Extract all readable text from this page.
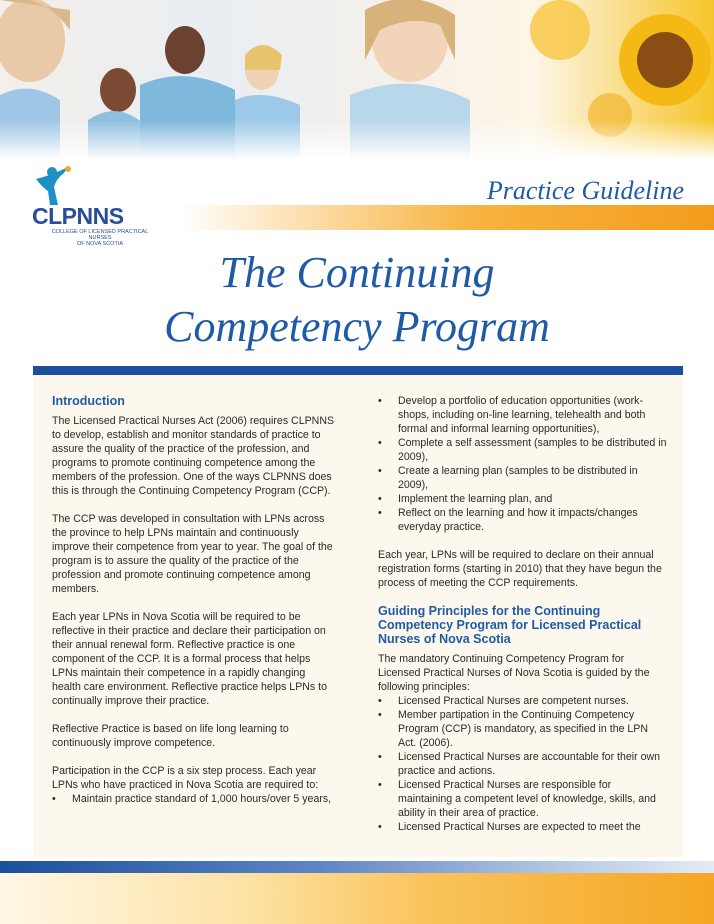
CLPNNS
COLLEGE OF LICENSED PRACTICAL NURSES
OF NOVA SCOTIA
Practice Guideline
The Continuing
Competency Program
Introduction

The Licensed Practical Nurses Act (2006) requires CLPNNS to develop, establish and monitor standards of practice to assure the quality of the practice of the profession, and programs to promote continuing competence among the members of the profession. One of the ways CLPNNS does this is through the Continuing Competency Program (CCP).

The CCP was developed in consultation with LPNs across the province to help LPNs maintain and continuously improve their competence from year to year. The goal of the program is to assure the quality of the practice of the profession and promote continuing competence among members.

Each year LPNs in Nova Scotia will be required to be reflective in their practice and declare their participation on their annual renewal form. Reflective practice is one component of the CCP. It is a formal process that helps LPNs maintain their competence in a rapidly changing health care environment. Reflective practice helps LPNs to continually improve their practice.

Reflective Practice is based on life long learning to continuously improve competence.

Participation in the CCP is a six step process. Each year LPNs who have practiced in Nova Scotia are required to:

•	Maintain practice standard of 1,000 hours/over 5 years,
•	Develop a portfolio of education opportunities (work-shops, including on-line learning, telehealth and both formal and informal learning opportunities),
•	Complete a self assessment (samples to be distributed in 2009),
•	Create a learning plan (samples to be distributed in 2009),
•	Implement the learning plan, and
•	Reflect on the learning and how it impacts/changes everyday practice.

Each year, LPNs will be required to declare on their annual registration forms (starting in 2010) that they have begun the process of meeting the CCP requirements.

Guiding Principles for the Continuing Competency Program for Licensed Practical Nurses of Nova Scotia

The mandatory Continuing Competency Program for Licensed Practical Nurses of Nova Scotia is guided by the following principles:

•	Licensed Practical Nurses are competent nurses.
•	Member partipation in the Continuing Competency Program (CCP) is mandatory, as specified in the LPN Act. (2006).
•	Licensed Practical Nurses are accountable for their own practice and actions.
•	Licensed Practical Nurses are responsible for maintaining a competent level of knowledge, skills, and ability in their area of practice.
•	Licensed Practical Nurses are expected to meet the
